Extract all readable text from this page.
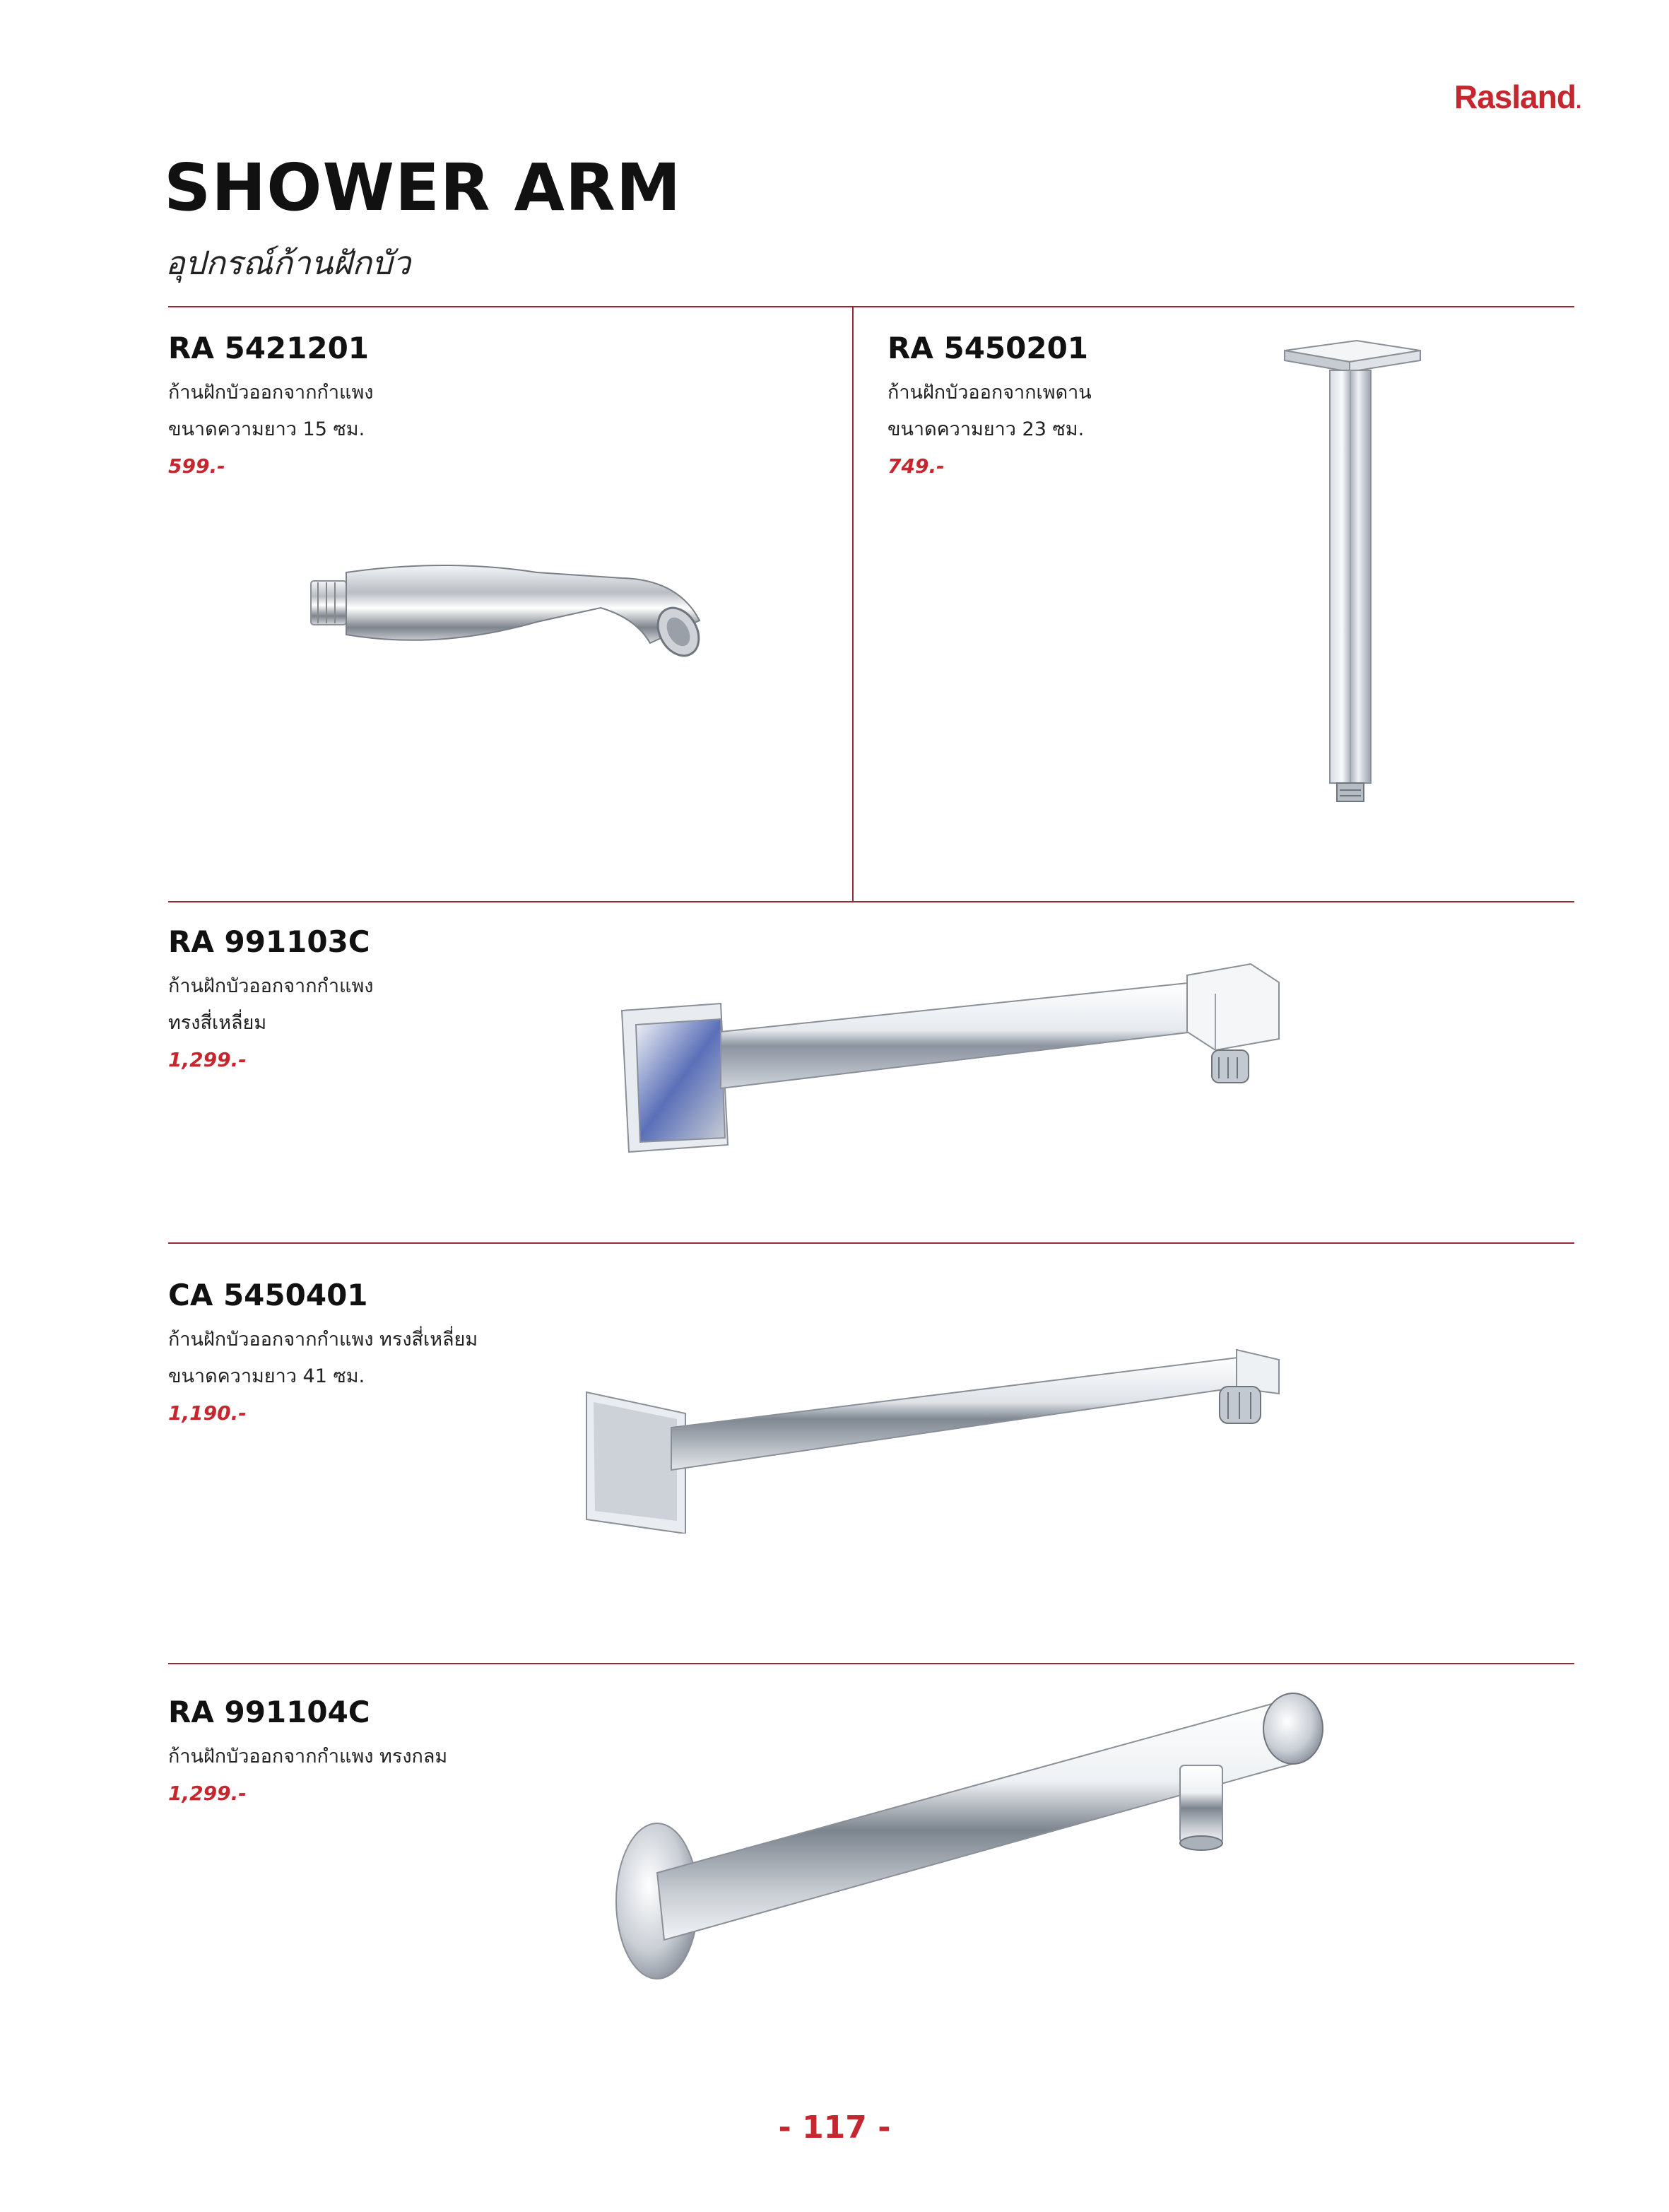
Rasland.
SHOWER ARM

อุปกรณ์ก้านฝักบัว

RA 5421201

ก้านฝักบัวออกจากกำแพง

ขนาดความยาว 15 ซม.

599.-

RA 5450201

ก้านฝักบัวออกจากเพดาน

ขนาดความยาว 23 ซม.

749.-

RA 991103C

ก้านฝักบัวออกจากกำแพง

ทรงสี่เหลี่ยม

1,299.-

CA 5450401

ก้านฝักบัวออกจากกำแพง ทรงสี่เหลี่ยม

ขนาดความยาว 41 ซม.

1,190.-

RA 991104C

ก้านฝักบัวออกจากกำแพง ทรงกลม

1,299.-

- 117 -
